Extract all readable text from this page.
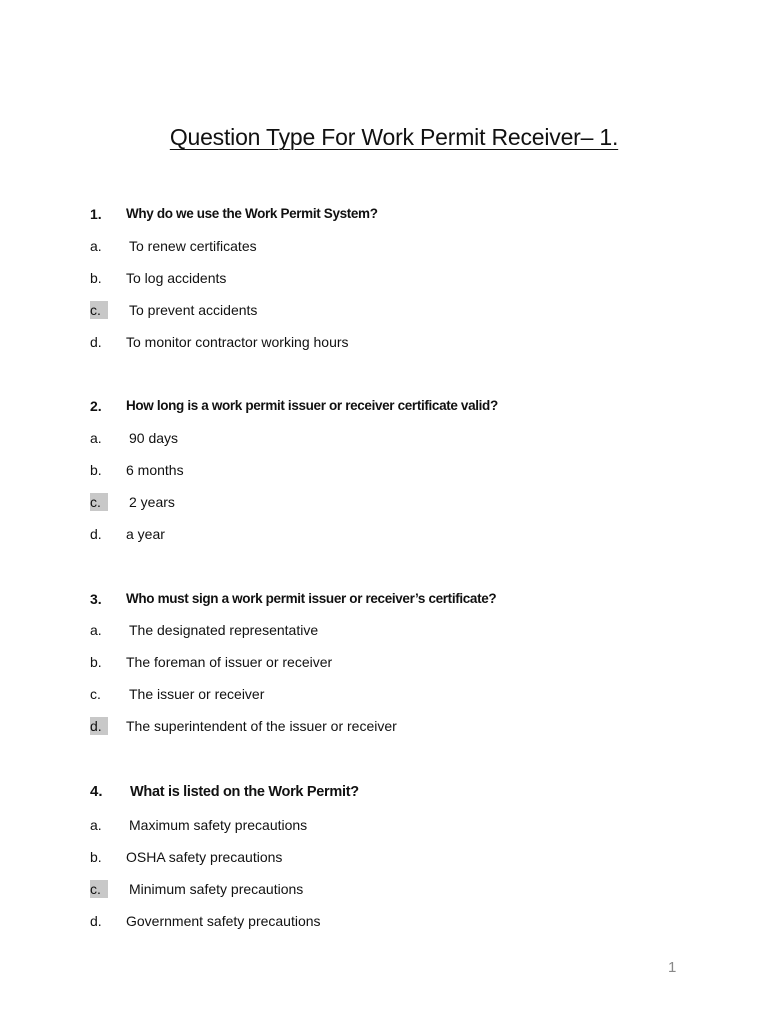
Question Type For Work Permit Receiver– 1.
1. Why do we use the Work Permit System?
a.	To renew certificates
b.	To log accidents
c.	To prevent accidents
d.	To monitor contractor working hours
2. How long is a work permit issuer or receiver certificate valid?
a.	90 days
b.	6 months
c.	2 years
d.	a year
3. Who must sign a work permit issuer or receiver’s certificate?
a.	The designated representative
b.	The foreman of issuer or receiver
c.	The issuer or receiver
d.	The superintendent of the issuer or receiver
4. What is listed on the Work Permit?
a.	Maximum safety precautions
b.	OSHA safety precautions
c.	Minimum safety precautions
d.	Government safety precautions
1
